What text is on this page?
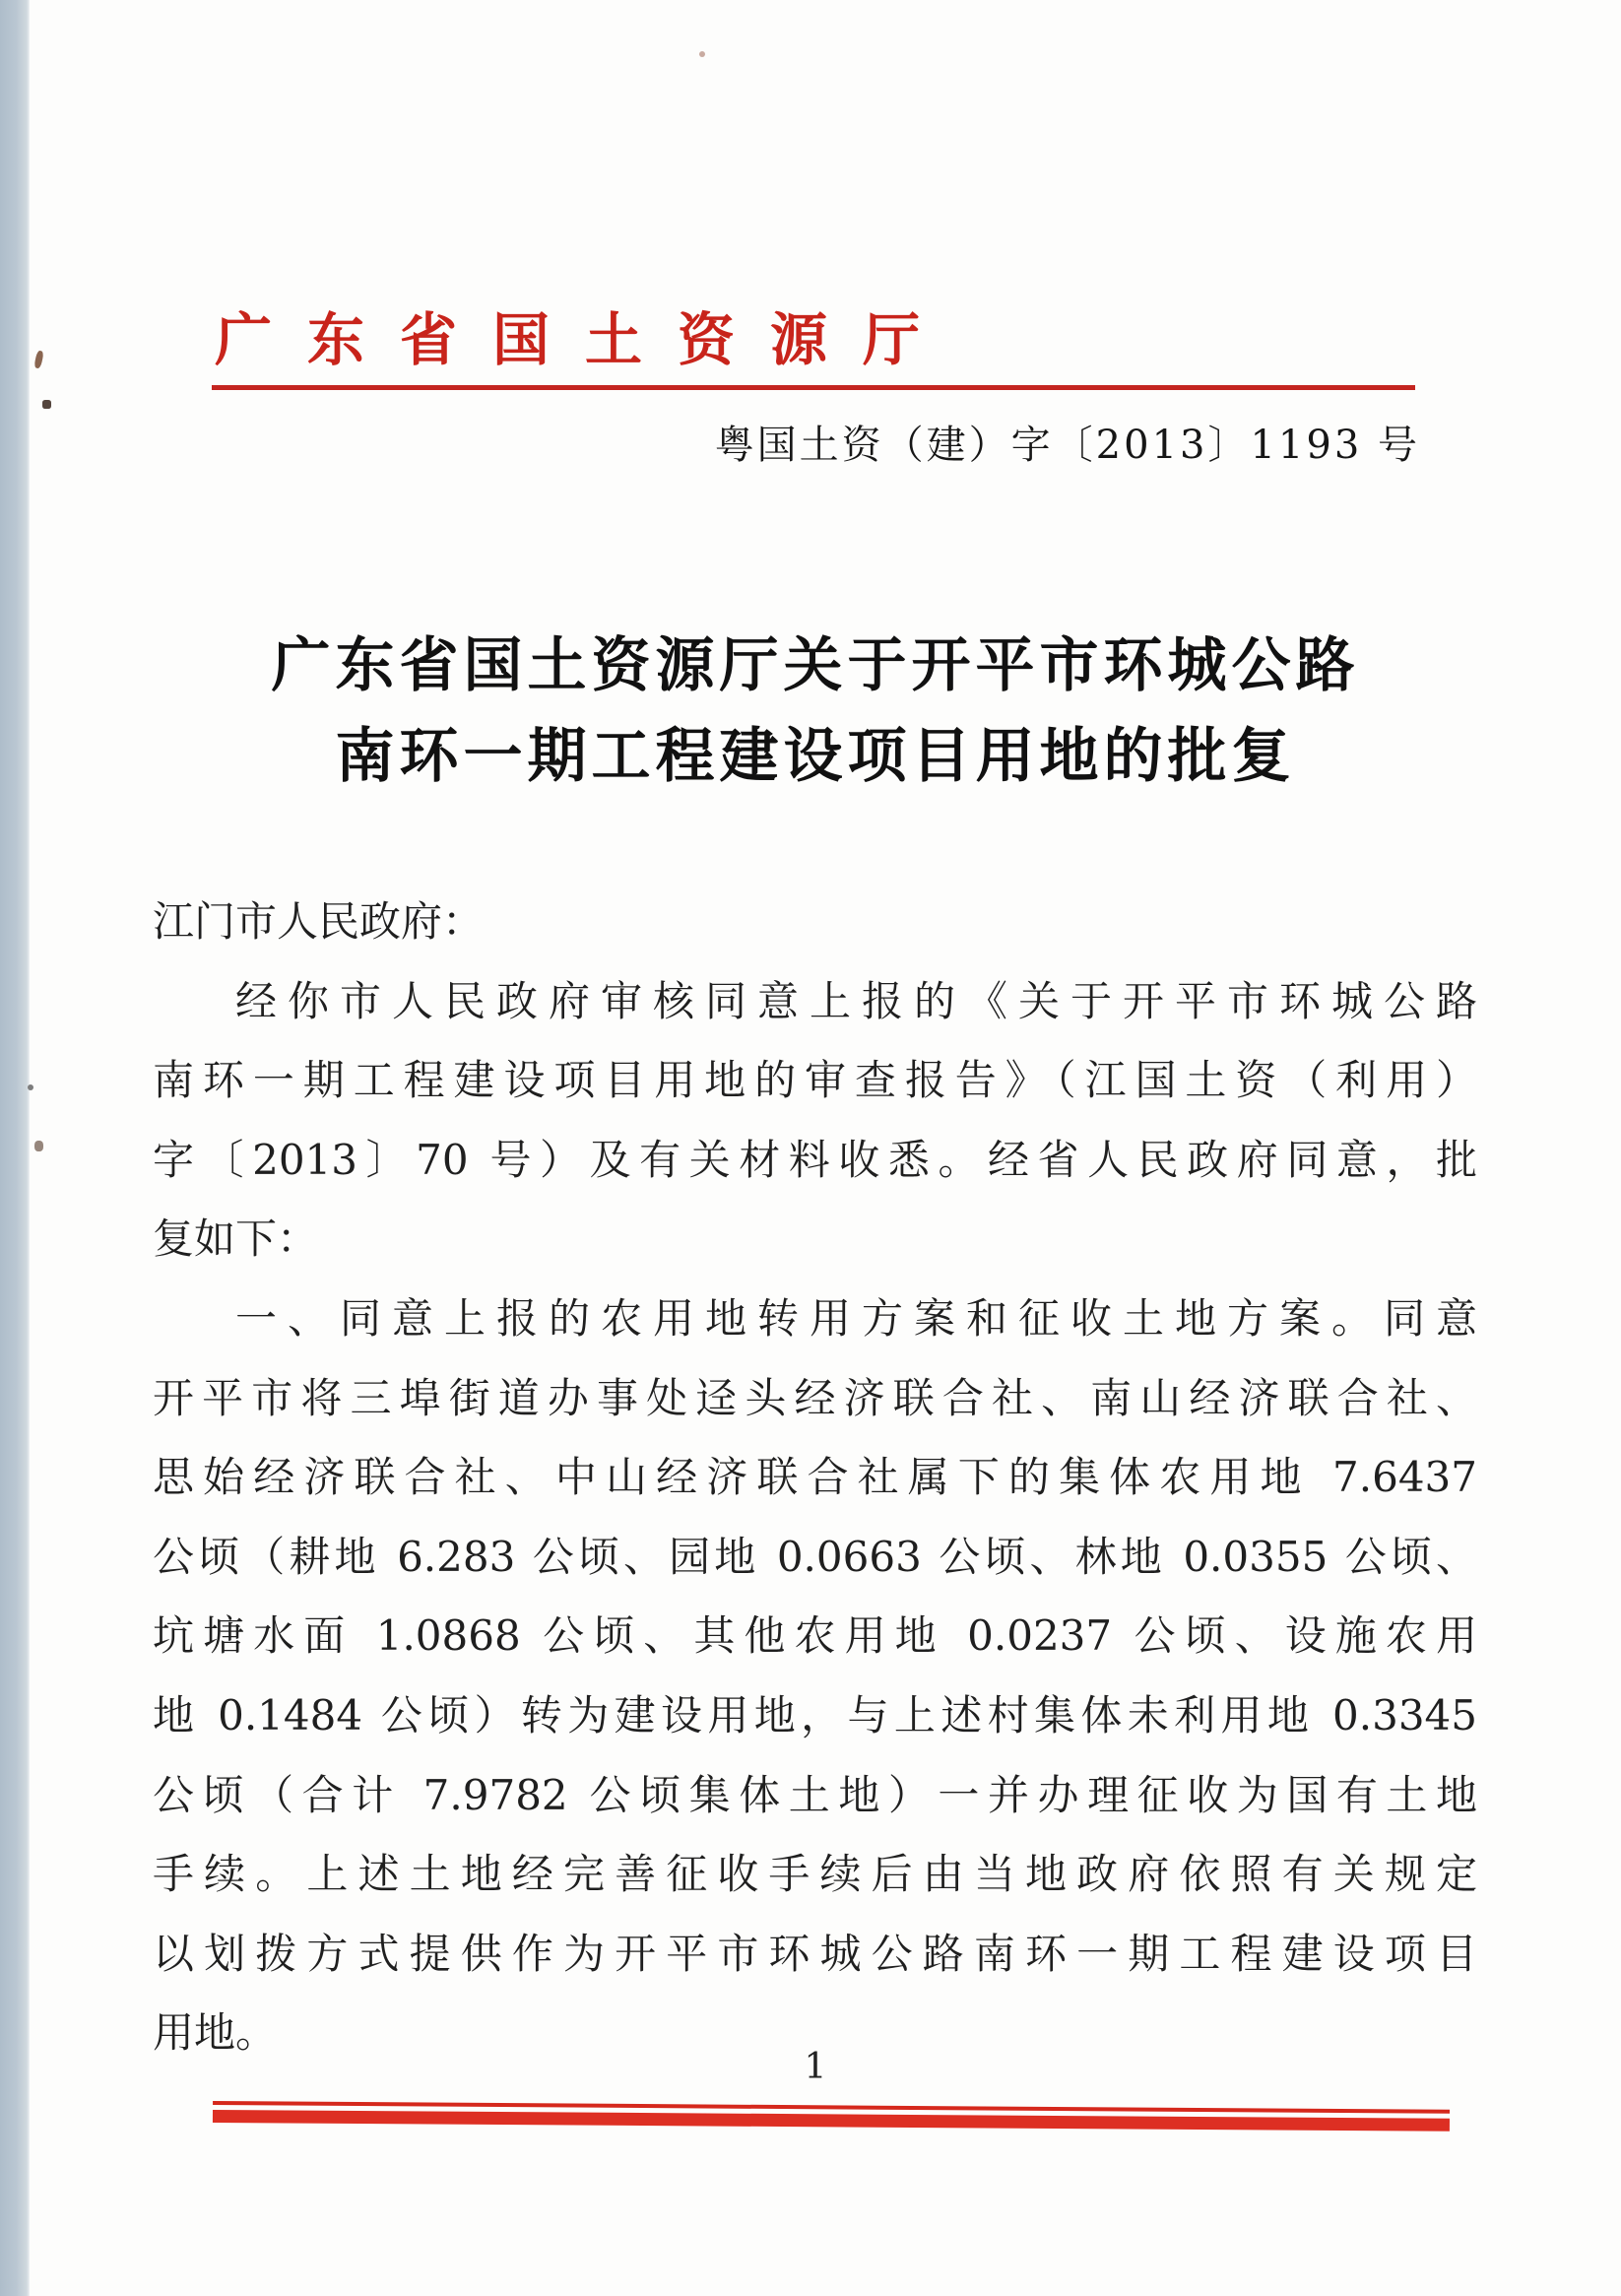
广东省国土资源厅
粤国土资（建）字〔2013〕1193 号
广东省国土资源厅关于开平市环城公路
南环一期工程建设项目用地的批复
江门市人民政府：
经你市人民政府审核同意上报的《关于开平市环城公路
南环一期工程建设项目用地的审查报告》（江国土资（利用）
字〔2013〕70 号）及有关材料收悉。经省人民政府同意，批
复如下：
一、同意上报的农用地转用方案和征收土地方案。同意
开平市将三埠街道办事处迳头经济联合社、南山经济联合社、
思始经济联合社、中山经济联合社属下的集体农用地 7.6437
公顷（耕地 6.283 公顷、园地 0.0663 公顷、林地 0.0355 公顷、
坑塘水面 1.0868 公顷、其他农用地 0.0237 公顷、设施农用
地 0.1484 公顷）转为建设用地，与上述村集体未利用地 0.3345
公顷（合计 7.9782 公顷集体土地）一并办理征收为国有土地
手续。上述土地经完善征收手续后由当地政府依照有关规定
以划拨方式提供作为开平市环城公路南环一期工程建设项目
用地。
1
